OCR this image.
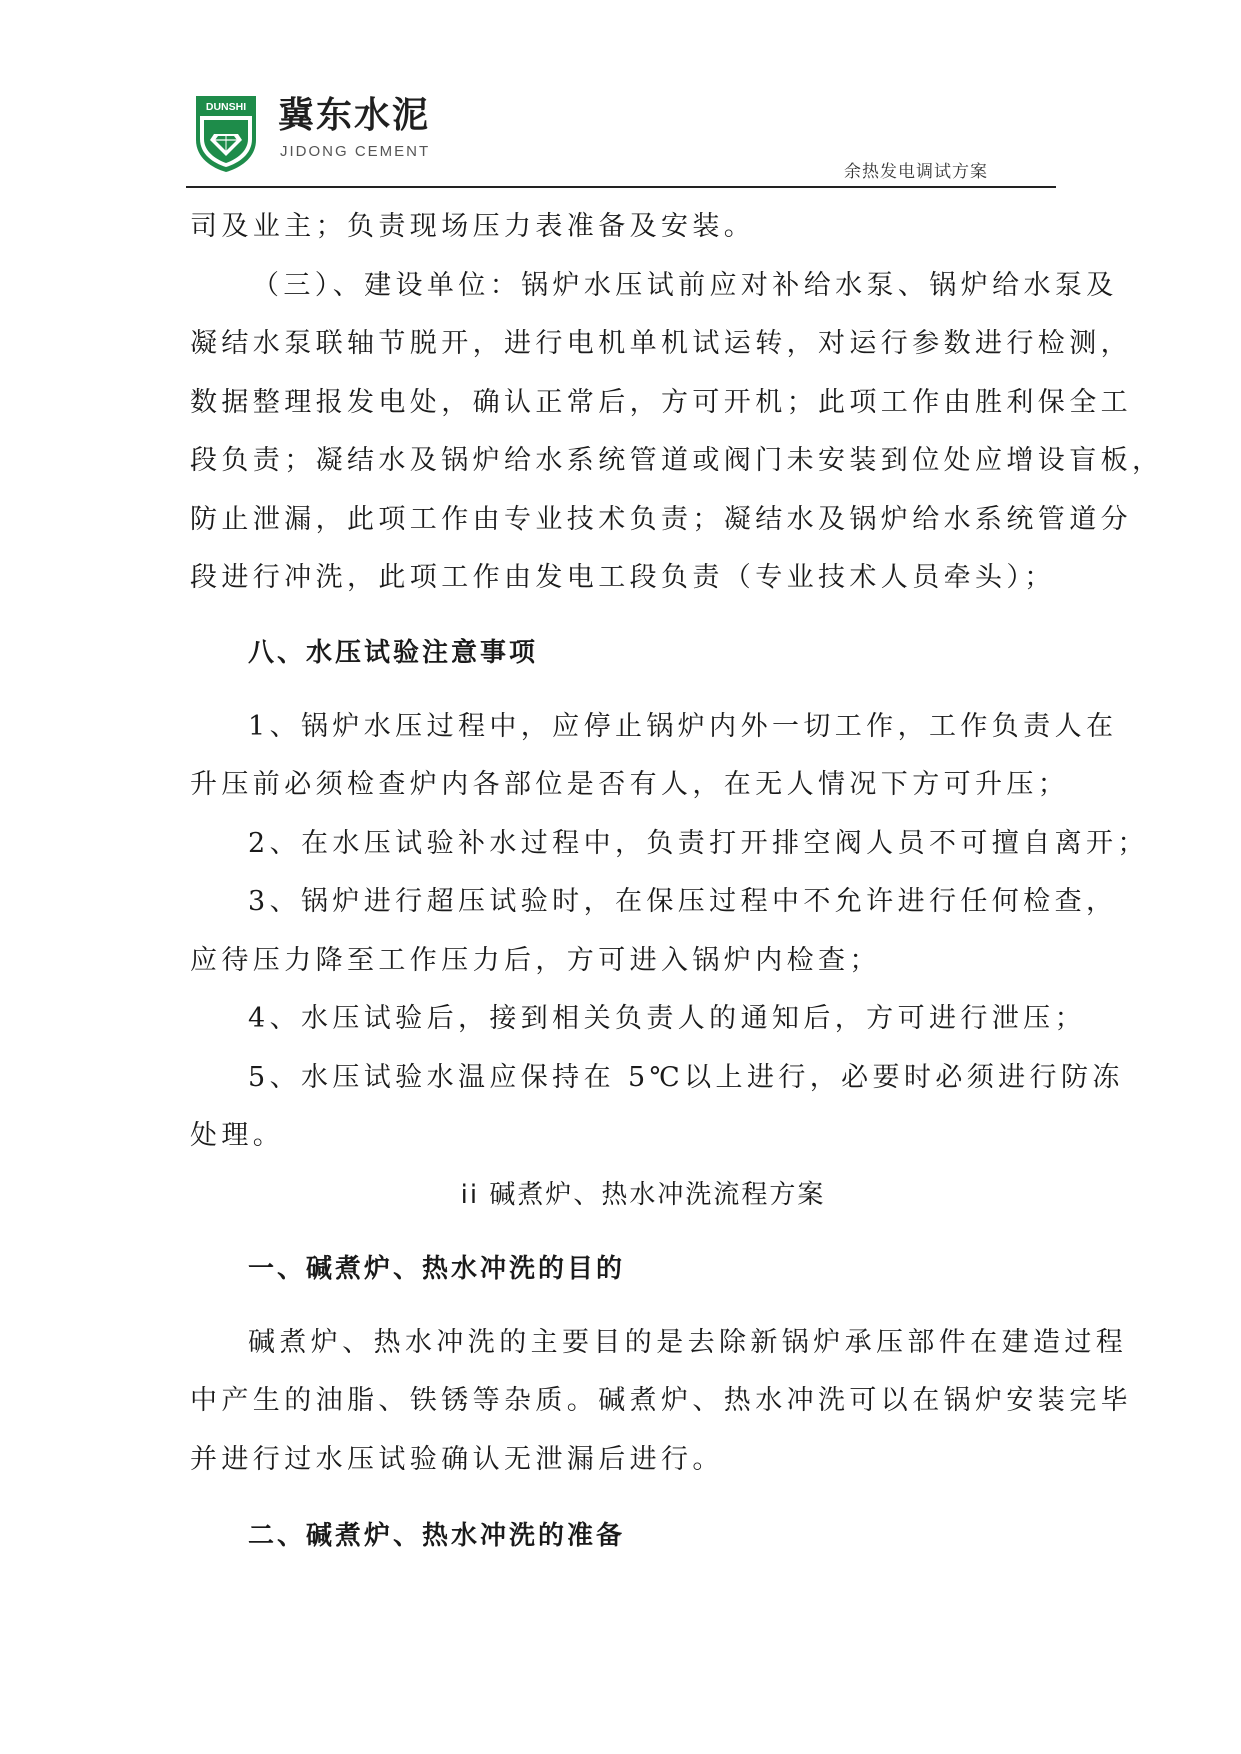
DUNSHI 冀东水泥
JIDONG CEMENT
余热发电调试方案

司及业主；负责现场压力表准备及安装。

（三）、建设单位：锅炉水压试前应对补给水泵、锅炉给水泵及

凝结水泵联轴节脱开，进行电机单机试运转，对运行参数进行检测，

数据整理报发电处，确认正常后，方可开机；此项工作由胜利保全工

段负责；凝结水及锅炉给水系统管道或阀门未安装到位处应增设盲板，

防止泄漏，此项工作由专业技术负责；凝结水及锅炉给水系统管道分

段进行冲洗，此项工作由发电工段负责（专业技术人员牵头）；

八、水压试验注意事项

1、锅炉水压过程中，应停止锅炉内外一切工作，工作负责人在

升压前必须检查炉内各部位是否有人，在无人情况下方可升压；

2、在水压试验补水过程中，负责打开排空阀人员不可擅自离开；

3、锅炉进行超压试验时，在保压过程中不允许进行任何检查，

应待压力降至工作压力后，方可进入锅炉内检查；

4、水压试验后，接到相关负责人的通知后，方可进行泄压；

5、水压试验水温应保持在 5℃以上进行，必要时必须进行防冻

处理。

ii 碱煮炉、热水冲洗流程方案

一、碱煮炉、热水冲洗的目的

碱煮炉、热水冲洗的主要目的是去除新锅炉承压部件在建造过程

中产生的油脂、铁锈等杂质。碱煮炉、热水冲洗可以在锅炉安装完毕

并进行过水压试验确认无泄漏后进行。

二、碱煮炉、热水冲洗的准备
